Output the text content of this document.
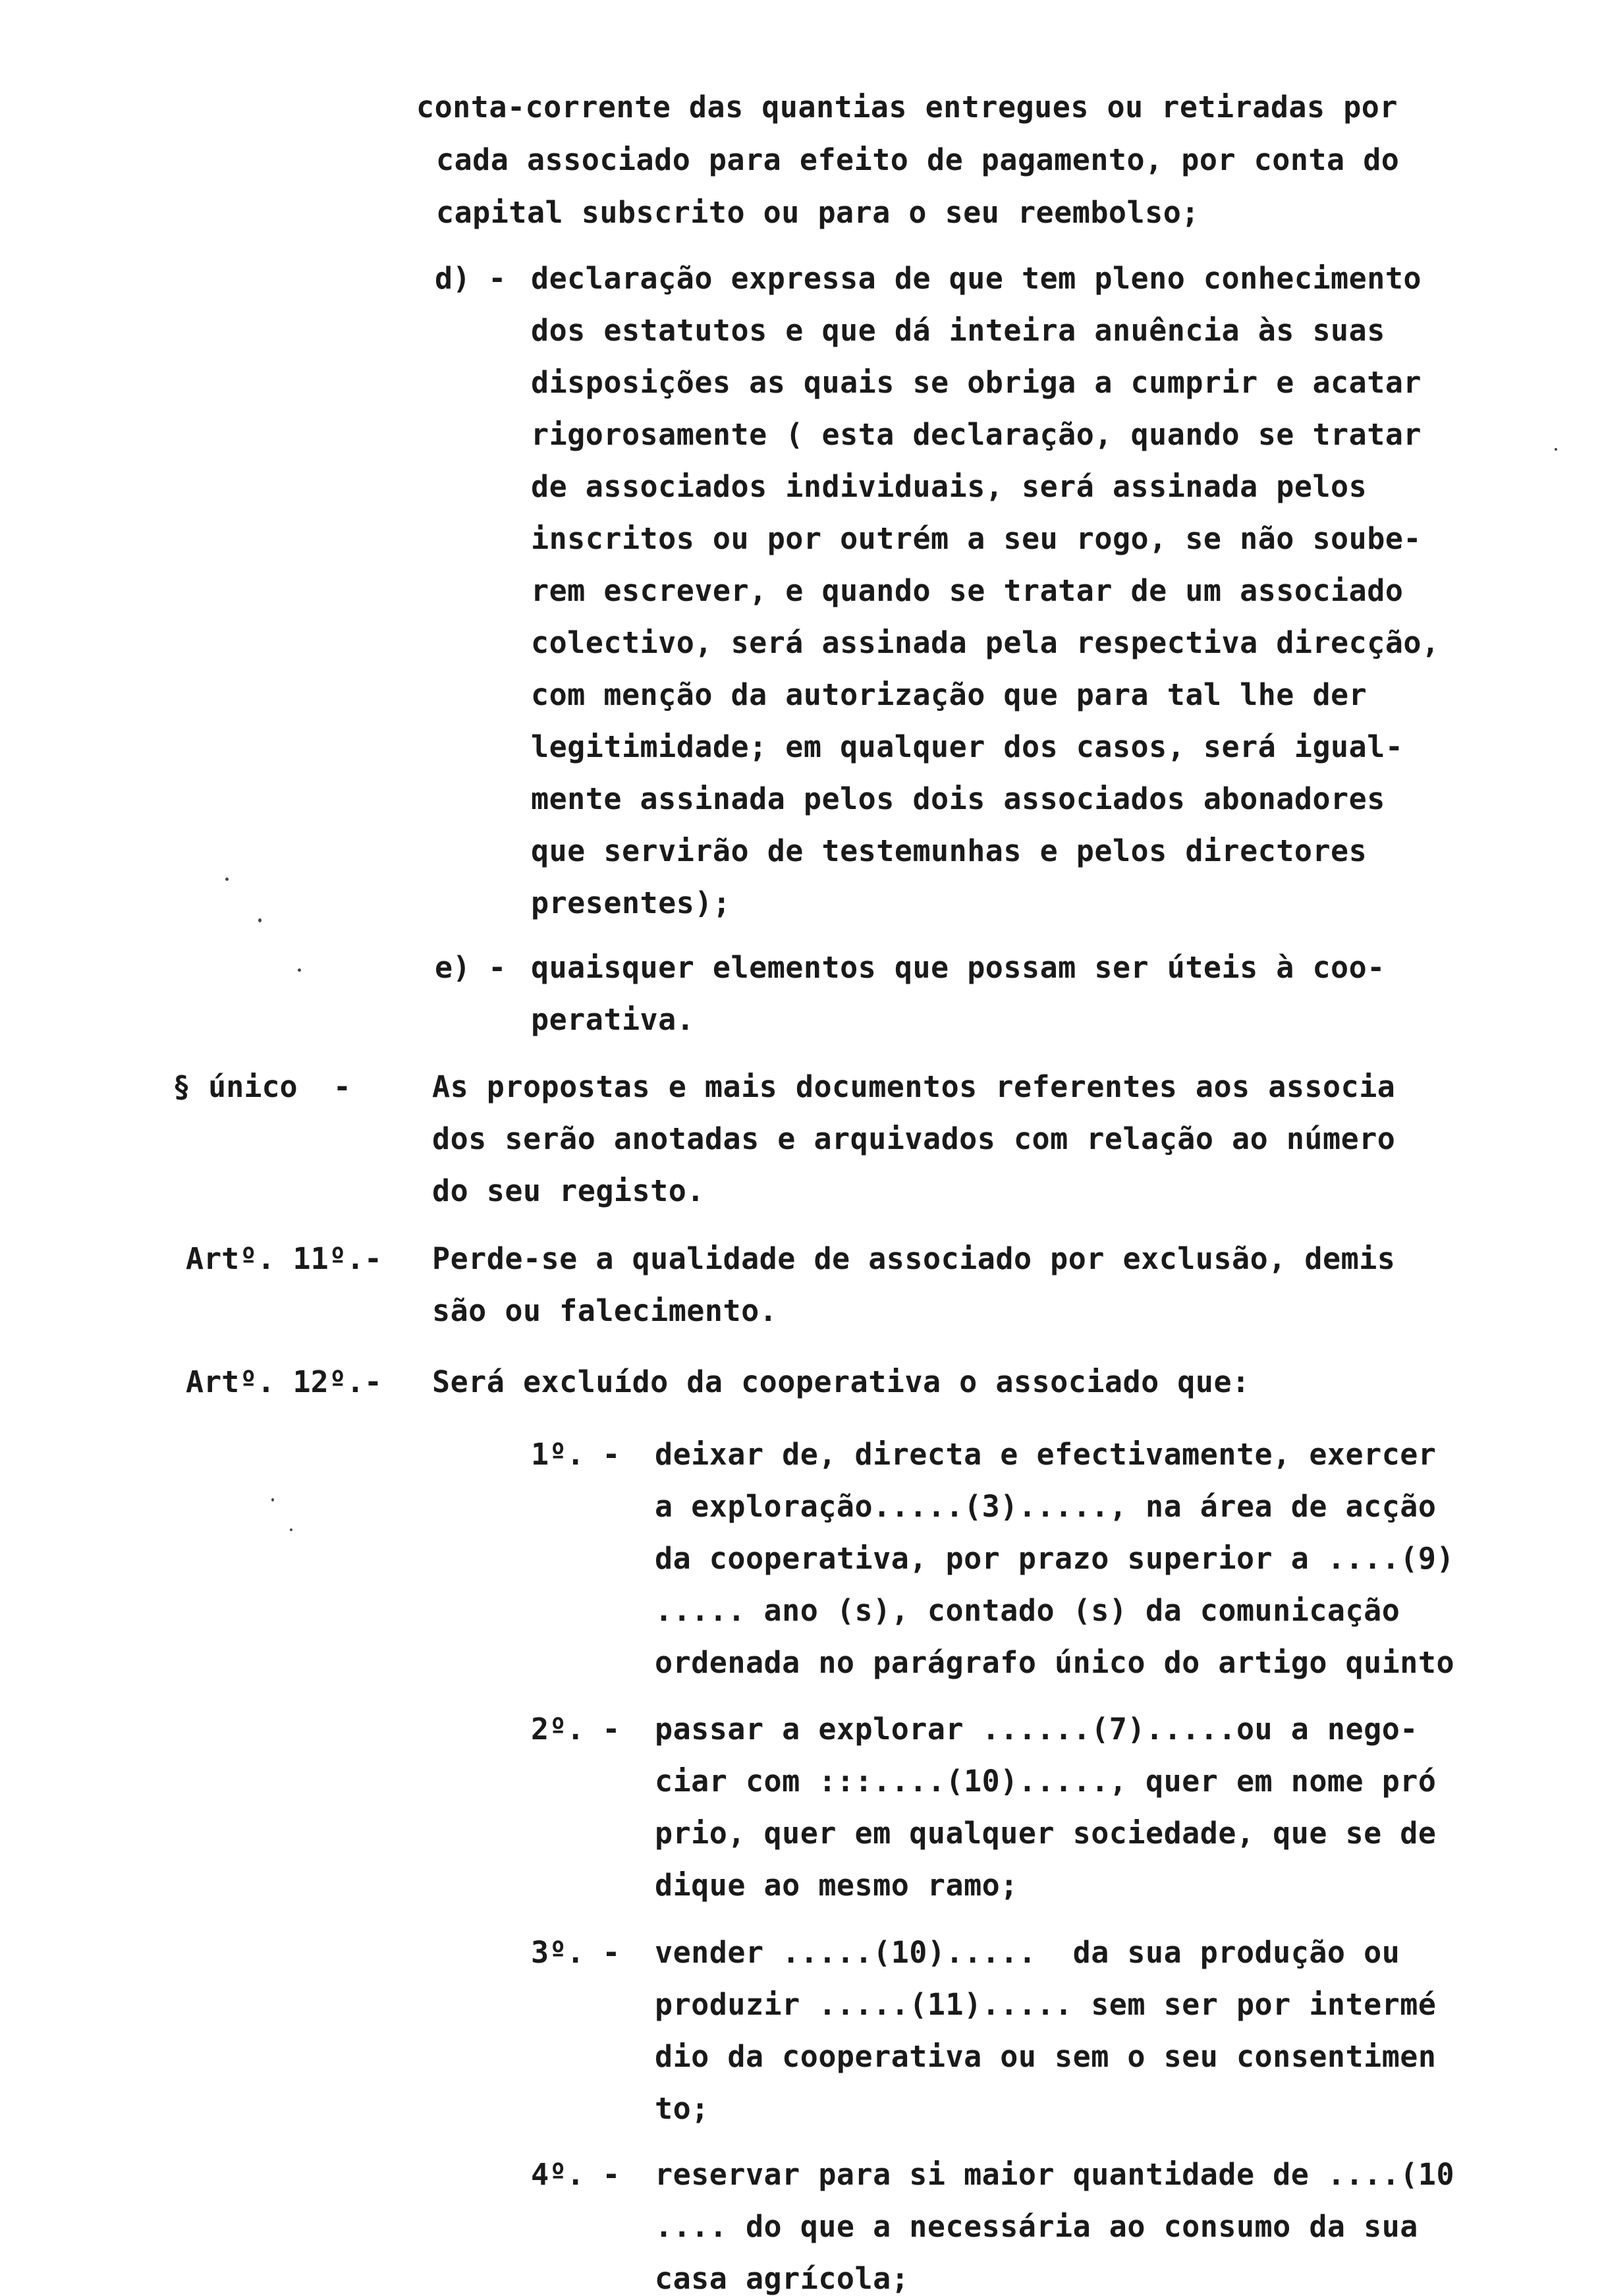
conta-corrente das quantias entregues ou retiradas por
cada associado para efeito de pagamento, por conta do
capital subscrito ou para o seu reembolso;
d) - declaração expressa de que tem pleno conhecimento
dos estatutos e que dá inteira anuência às suas
disposições as quais se obriga a cumprir e acatar
rigorosamente ( esta declaração, quando se tratar
de associados individuais, será assinada pelos
inscritos ou por outrém a seu rogo, se não soube-
rem escrever, e quando se tratar de um associado
colectivo, será assinada pela respectiva direcção,
com menção da autorização que para tal lhe der
legitimidade; em qualquer dos casos, será igual-
mente assinada pelos dois associados abonadores
que servirão de testemunhas e pelos directores
presentes);
e) - quaisquer elementos que possam ser úteis à coo-
perativa.
§ único  -	As propostas e mais documentos referentes aos associa
dos serão anotadas e arquivados com relação ao número
do seu registo.
Artº. 11º.- Perde-se a qualidade de associado por exclusão, demis
são ou falecimento.
Artº. 12º.- Será excluído da cooperativa o associado que:
1º. - deixar de, directa e efectivamente, exercer
a exploração.....(3)....., na área de acção
da cooperativa, por prazo superior a ....(9)
..... ano (s), contado (s) da comunicação
ordenada no parágrafo único do artigo quinto
2º. - passar a explorar ......(7).....ou a nego-
ciar com :::....(10)....., quer em nome pró
prio, quer em qualquer sociedade, que se de
dique ao mesmo ramo;
3º. - vender .....(10).....  da sua produção ou
produzir .....(11)..... sem ser por intermé
dio da cooperativa ou sem o seu consentimen
to;
4º. - reservar para si maior quantidade de ....(10
.... do que a necessária ao consumo da sua
casa agrícola;
